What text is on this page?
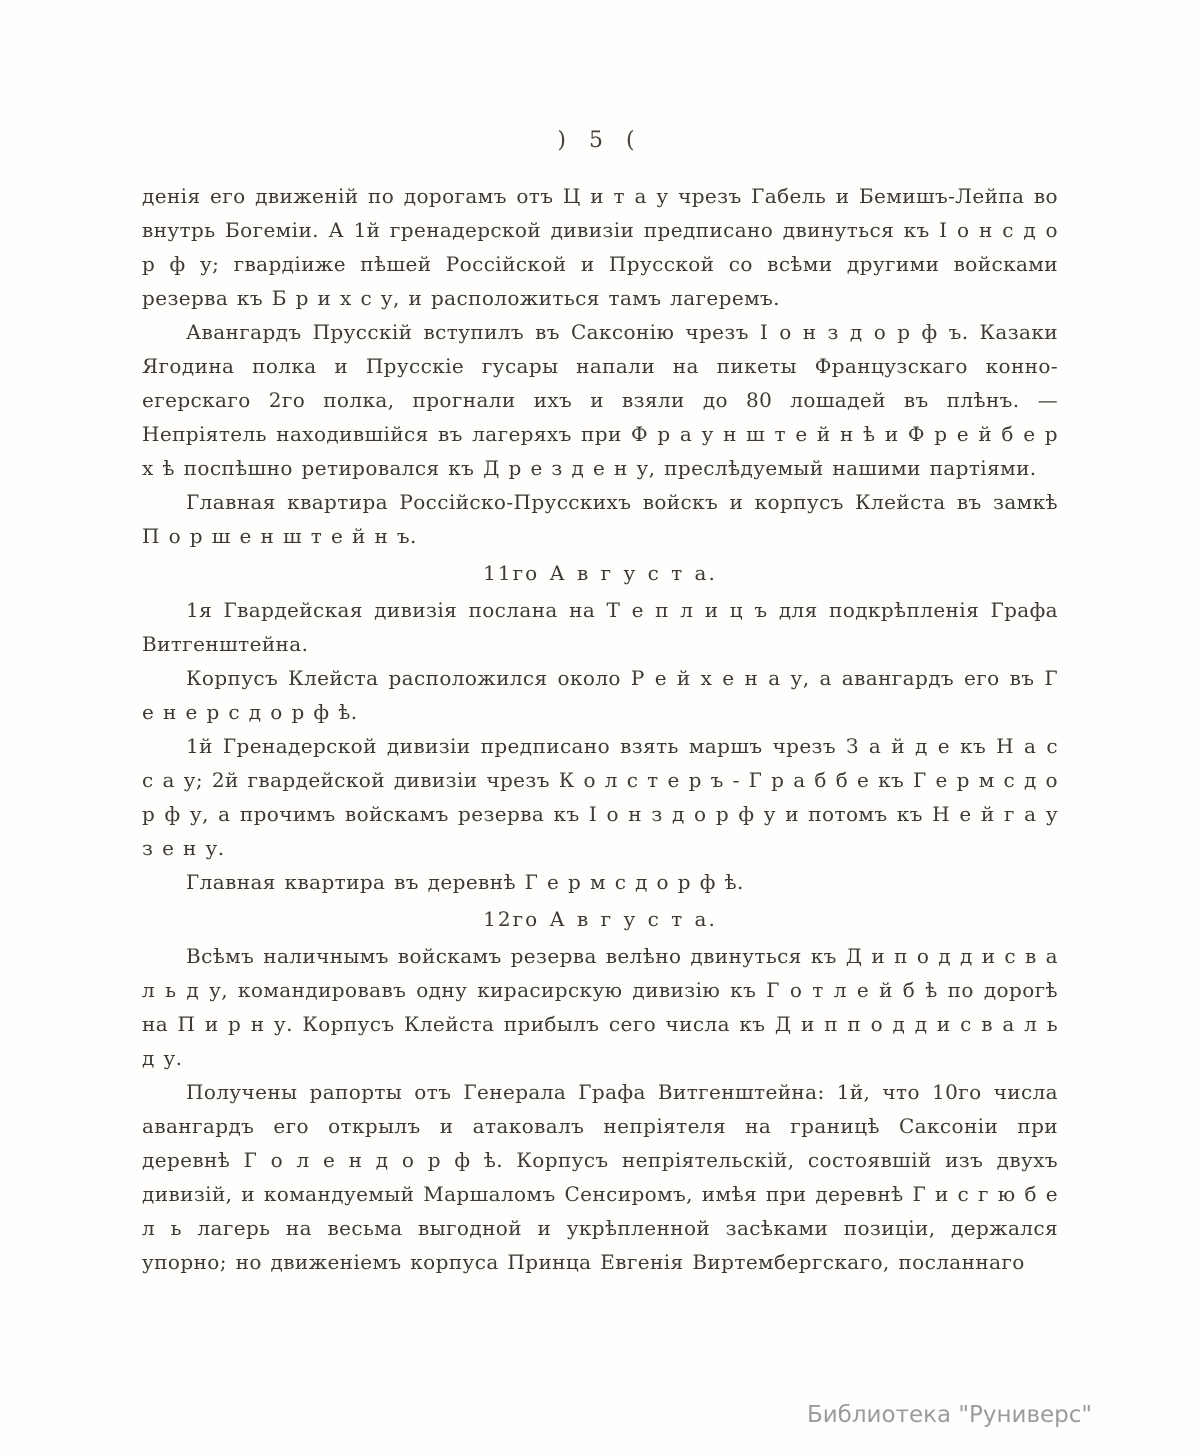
) 5 (

денія его движеній по дорогамъ отъ Ц и т а у чрезъ Габель и Бемишъ-Лейпа во внутрь Богеміи. А 1й гренадерской дивизіи предписано двинуться къ І о н с д о р ф у; гвардіиже пѣшей Россійской и Прусской со всѣми другими войсками резерва къ Б р и х с у, и расположиться тамъ лагеремъ.

Авангардъ Прусскій вступилъ въ Саксонію чрезъ І о н з д о р ф ъ. Казаки Ягодина полка и Прусскіе гусары напали на пикеты Французскаго конно-егерскаго 2го полка, прогнали ихъ и взяли до 80 лошадей въ плѣнъ. — Непріятель находившійся въ лагеряхъ при Ф р а у н ш т е й н ѣ и Ф р е й б е р х ѣ поспѣшно ретировался къ Д р е з д е н у, преслѣдуемый нашими партіями.

Главная квартира Россійско-Прусскихъ войскъ и корпусъ Клейста въ замкѣ П о р ш е н ш т е й н ъ.

11го А в г у с т а.

1я Гвардейская дивизія послана на Т е п л и ц ъ для подкрѣпленія Графа Витгенштейна.

Корпусъ Клейста расположился около Р е й х е н а у, а авангардъ его въ Г е н е р с д о р ф ѣ.

1й Гренадерской дивизіи предписано взять маршъ чрезъ З а й д е къ Н а с с а у; 2й гвардейской дивизіи чрезъ К о л с т е р ъ - Г р а б б е къ Г е р м с д о р ф у, а прочимъ войскамъ резерва къ І о н з д о р ф у и потомъ къ Н е й г а у з е н у.

Главная квартира въ деревнѣ Г е р м с д о р ф ѣ.

12го А в г у с т а.

Всѣмъ наличнымъ войскамъ резерва велѣно двинуться къ Д и п о д д и с в а л ь д у, командировавъ одну кирасирскую дивизію къ Г о т л е й б ѣ по дорогѣ на П и р н у. Корпусъ Клейста прибылъ сего числа къ Д и п п о д д и с в а л ь д у.

Получены рапорты отъ Генерала Графа Витгенштейна: 1й, что 10го числа авангардъ его открылъ и атаковалъ непріятеля на границѣ Саксоніи при деревнѣ Г о л е н д о р ф ѣ. Корпусъ непріятельскій, состоявшій изъ двухъ дивизій, и командуемый Маршаломъ Сенсиромъ, имѣя при деревнѣ Г и с г ю б е л ь лагерь на весьма выгодной и укрѣпленной засѣками позиціи, держался упорно; но движеніемъ корпуса Принца Евгенія Виртембергскаго, посланнаго

Библиотека "Руниверс"
